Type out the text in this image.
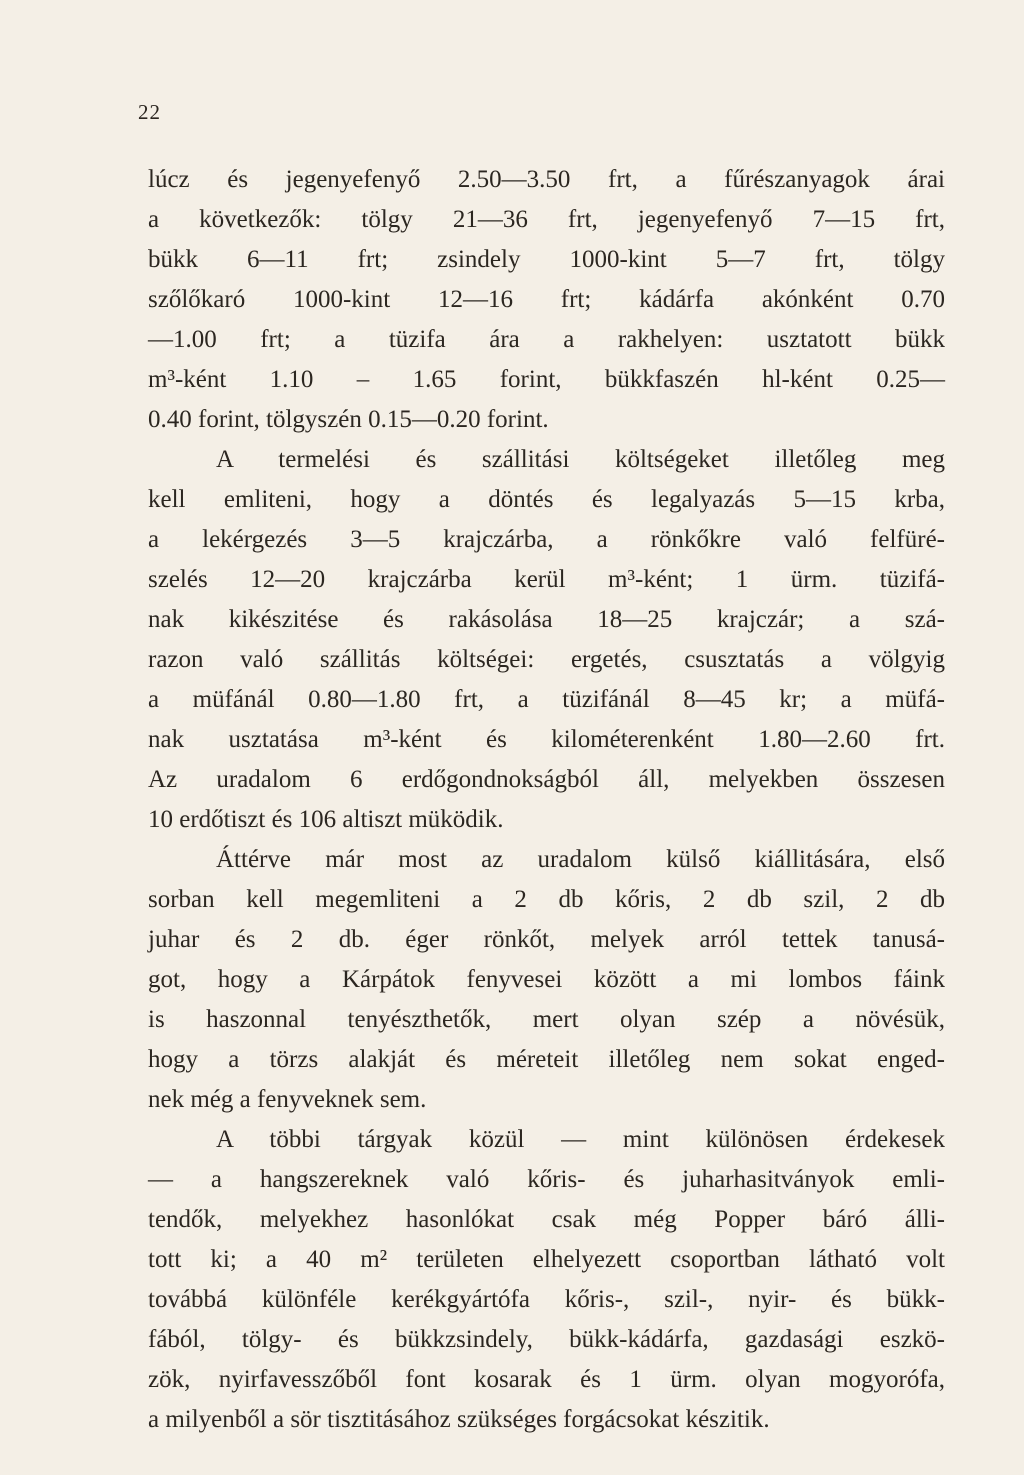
22

lúcz és jegenyefenyő 2.50—3.50 frt, a fűrészanyagok árai
a következők: tölgy 21—36 frt, jegenyefenyő 7—15 frt,
bükk 6—11 frt; zsindely 1000-kint 5—7 frt, tölgy
szőlőkaró 1000-kint 12—16 frt; kádárfa akónként 0.70
—1.00 frt; a tüzifa ára a rakhelyen: usztatott bükk
m³-ként 1.10 – 1.65 forint, bükkfaszén hl-ként 0.25—
0.40 forint, tölgyszén 0.15—0.20 forint.
A termelési és szállitási költségeket illetőleg meg
kell emliteni, hogy a döntés és legalyazás 5—15 krba,
a lekérgezés 3—5 krajczárba, a rönkőkre való felfüré-
szelés 12—20 krajczárba kerül m³-ként; 1 ürm. tüzifá-
nak kikészitése és rakásolása 18—25 krajczár; a szá-
razon való szállitás költségei: ergetés, csusztatás a völgyig
a müfánál 0.80—1.80 frt, a tüzifánál 8—45 kr; a müfá-
nak usztatása m³-ként és kilométerenként 1.80—2.60 frt.
Az uradalom 6 erdőgondnokságból áll, melyekben összesen
10 erdőtiszt és 106 altiszt müködik.
Áttérve már most az uradalom külső kiállitására, első
sorban kell megemliteni a 2 db kőris, 2 db szil, 2 db
juhar és 2 db. éger rönkőt, melyek arról tettek tanusá-
got, hogy a Kárpátok fenyvesei között a mi lombos fáink
is haszonnal tenyészthetők, mert olyan szép a növésük,
hogy a törzs alakját és méreteit illetőleg nem sokat enged-
nek még a fenyveknek sem.
A többi tárgyak közül — mint különösen érdekesek
— a hangszereknek való kőris- és juharhasitványok emli-
tendők, melyekhez hasonlókat csak még Popper báró álli-
tott ki; a 40 m² területen elhelyezett csoportban látható volt
továbbá különféle kerékgyártófa kőris-, szil-, nyir- és bükk-
fából, tölgy- és bükkzsindely, bükk-kádárfa, gazdasági eszkö-
zök, nyirfavesszőből font kosarak és 1 ürm. olyan mogyorófa,
a milyenből a sör tisztitásához szükséges forgácsokat készitik.
